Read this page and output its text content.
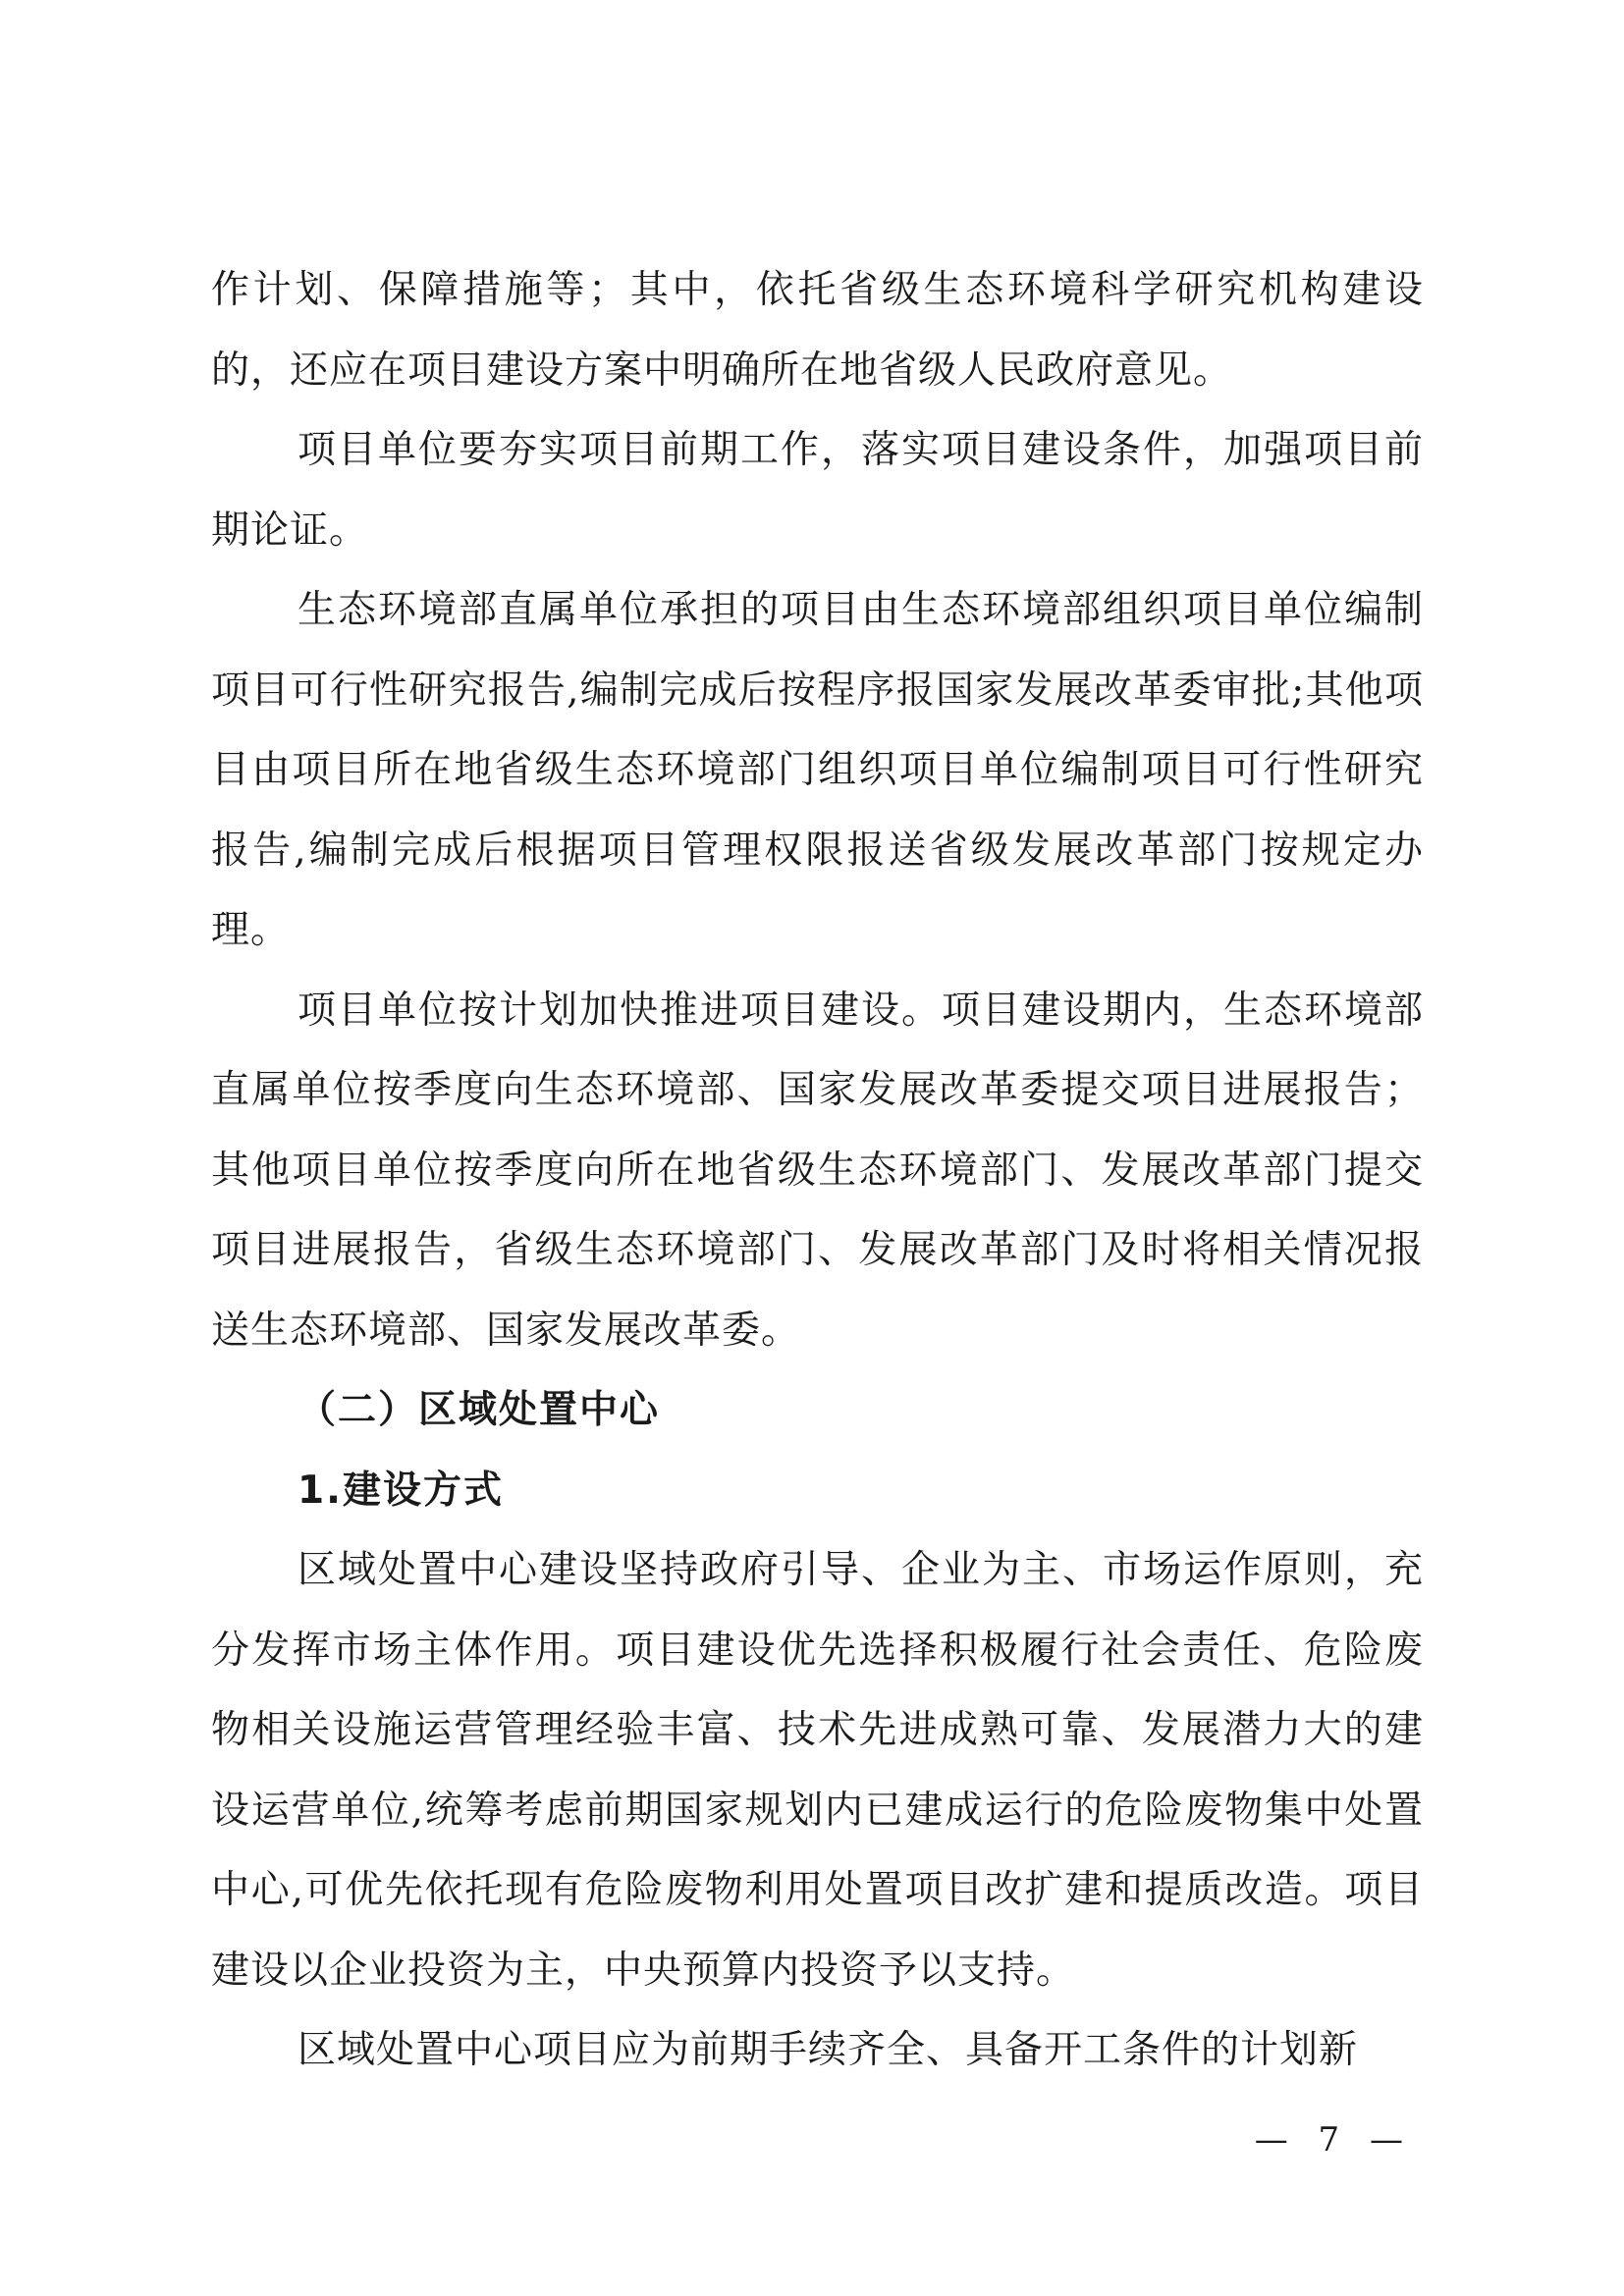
作计划、保障措施等；其中，依托省级生态环境科学研究机构建设的，还应在项目建设方案中明确所在地省级人民政府意见。

项目单位要夯实项目前期工作，落实项目建设条件，加强项目前期论证。

生态环境部直属单位承担的项目由生态环境部组织项目单位编制项目可行性研究报告,编制完成后按程序报国家发展改革委审批;其他项目由项目所在地省级生态环境部门组织项目单位编制项目可行性研究报告,编制完成后根据项目管理权限报送省级发展改革部门按规定办理。

项目单位按计划加快推进项目建设。项目建设期内，生态环境部直属单位按季度向生态环境部、国家发展改革委提交项目进展报告；其他项目单位按季度向所在地省级生态环境部门、发展改革部门提交项目进展报告，省级生态环境部门、发展改革部门及时将相关情况报送生态环境部、国家发展改革委。

（二）区域处置中心

1.建设方式

区域处置中心建设坚持政府引导、企业为主、市场运作原则，充分发挥市场主体作用。项目建设优先选择积极履行社会责任、危险废物相关设施运营管理经验丰富、技术先进成熟可靠、发展潜力大的建设运营单位,统筹考虑前期国家规划内已建成运行的危险废物集中处置中心,可优先依托现有危险废物利用处置项目改扩建和提质改造。项目建设以企业投资为主，中央预算内投资予以支持。

区域处置中心项目应为前期手续齐全、具备开工条件的计划新

— 7 —
